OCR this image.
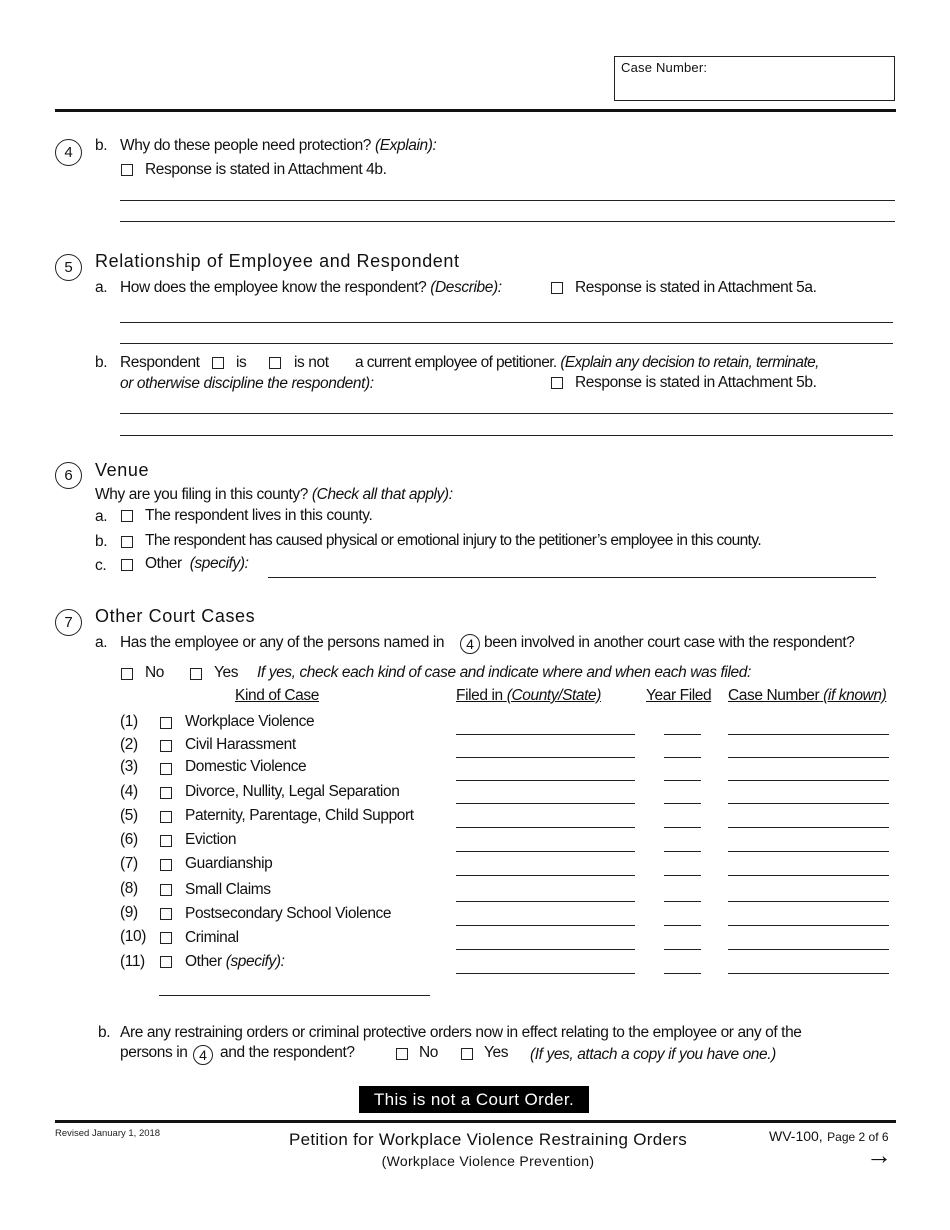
Case Number:
4	b. Why do these people need protection? (Explain):
Response is stated in Attachment 4b.
5	Relationship of Employee and Respondent
a. How does the employee know the respondent? (Describe):	Response is stated in Attachment 5a.
b. Respondent is	is not a current employee of petitioner. (Explain any decision to retain, terminate,
or otherwise discipline the respondent):	Response is stated in Attachment 5b.
6	Venue
Why are you filing in this county? (Check all that apply):
a. The respondent lives in this county.
b. The respondent has caused physical or emotional injury to the petitioner’s employee in this county.
c. Other (specify):
7	Other Court Cases
a. Has the employee or any of the persons named in	4 been involved in another court case with the respondent?
No	Yes If yes, check each kind of case and indicate where and when each was filed:
Kind of Case	Filed in (County/State)	Year Filed Case Number (if known)
(1)	Workplace Violence
(2)	Civil Harassment
(3)	Domestic Violence
(4)	Divorce, Nullity, Legal Separation
(5)	Paternity, Parentage, Child Support
(6)	Eviction
(7)	Guardianship
(8)	Small Claims
(9)	Postsecondary School Violence
(10)	Criminal
(11)	Other (specify):
b. Are any restraining orders or criminal protective orders now in effect relating to the employee or any of the
persons in 4 and the respondent?	No	Yes (If yes, attach a copy if you have one.)
This is not a Court Order.
Revised January 1, 2018	Petition for Workplace Violence Restraining Orders
(Workplace Violence Prevention)
WV-100, Page 2 of 6
→
